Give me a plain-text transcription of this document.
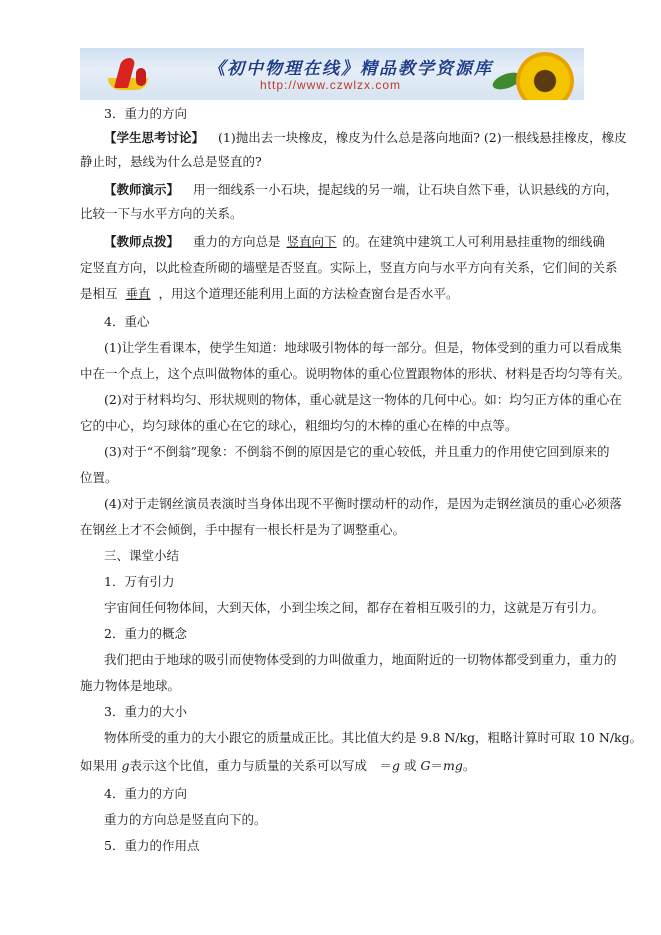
《初中物理在线》精品教学资源库
http://www.czwlzx.com
3．重力的方向
【学生思考讨论】 (1)抛出去一块橡皮，橡皮为什么总是落向地面? (2)一根线悬挂橡皮，橡皮
静止时，悬线为什么总是竖直的?
【教师演示】 用一细线系一小石块，提起线的另一端，让石块自然下垂，认识悬线的方向，
比较一下与水平方向的关系。
【教师点拨】 重力的方向总是 竖直向下 的。在建筑中建筑工人可利用悬挂重物的细线确
定竖直方向，以此检查所砌的墙壁是否竖直。实际上，竖直方向与水平方向有关系，它们间的关系
是相互 垂直 ，用这个道理还能利用上面的方法检查窗台是否水平。
4．重心
(1)让学生看课本，使学生知道：地球吸引物体的每一部分。但是，物体受到的重力可以看成集
中在一个点上，这个点叫做物体的重心。说明物体的重心位置跟物体的形状、材料是否均匀等有关。
(2)对于材料均匀、形状规则的物体，重心就是这一物体的几何中心。如：均匀正方体的重心在
它的中心，均匀球体的重心在它的球心，粗细均匀的木棒的重心在棒的中点等。
(3)对于“不倒翁”现象：不倒翁不倒的原因是它的重心较低，并且重力的作用使它回到原来的
位置。
(4)对于走钢丝演员表演时当身体出现不平衡时摆动杆的动作，是因为走钢丝演员的重心必须落
在钢丝上才不会倾倒，手中握有一根长杆是为了调整重心。
三、课堂小结
1．万有引力
宇宙间任何物体间，大到天体，小到尘埃之间，都存在着相互吸引的力，这就是万有引力。
2．重力的概念
我们把由于地球的吸引而使物体受到的力叫做重力，地面附近的一切物体都受到重力，重力的
施力物体是地球。
3．重力的大小
物体所受的重力的大小跟它的质量成正比。其比值大约是 9.8 N/kg，粗略计算时可取 10 N/kg。
如果用 g表示这个比值，重力与质量的关系可以写成　＝g 或 G＝mg。
4．重力的方向
重力的方向总是竖直向下的。
5．重力的作用点
